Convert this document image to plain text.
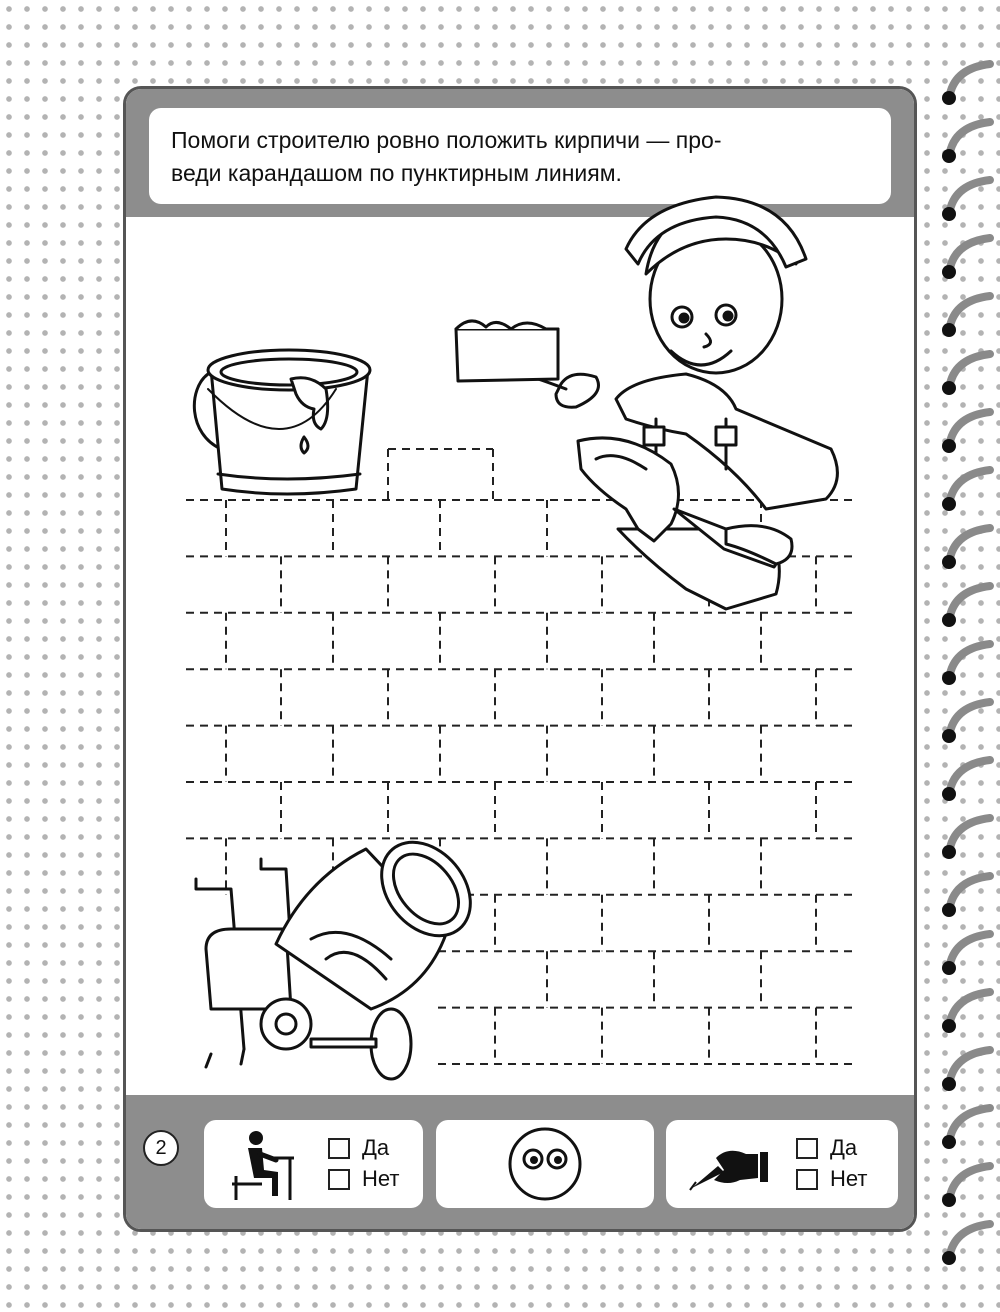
Помоги строителю ровно положить кирпичи — про-
веди карандашом по пунктирным линиям.
2	Да
Нет
Да
Нет
